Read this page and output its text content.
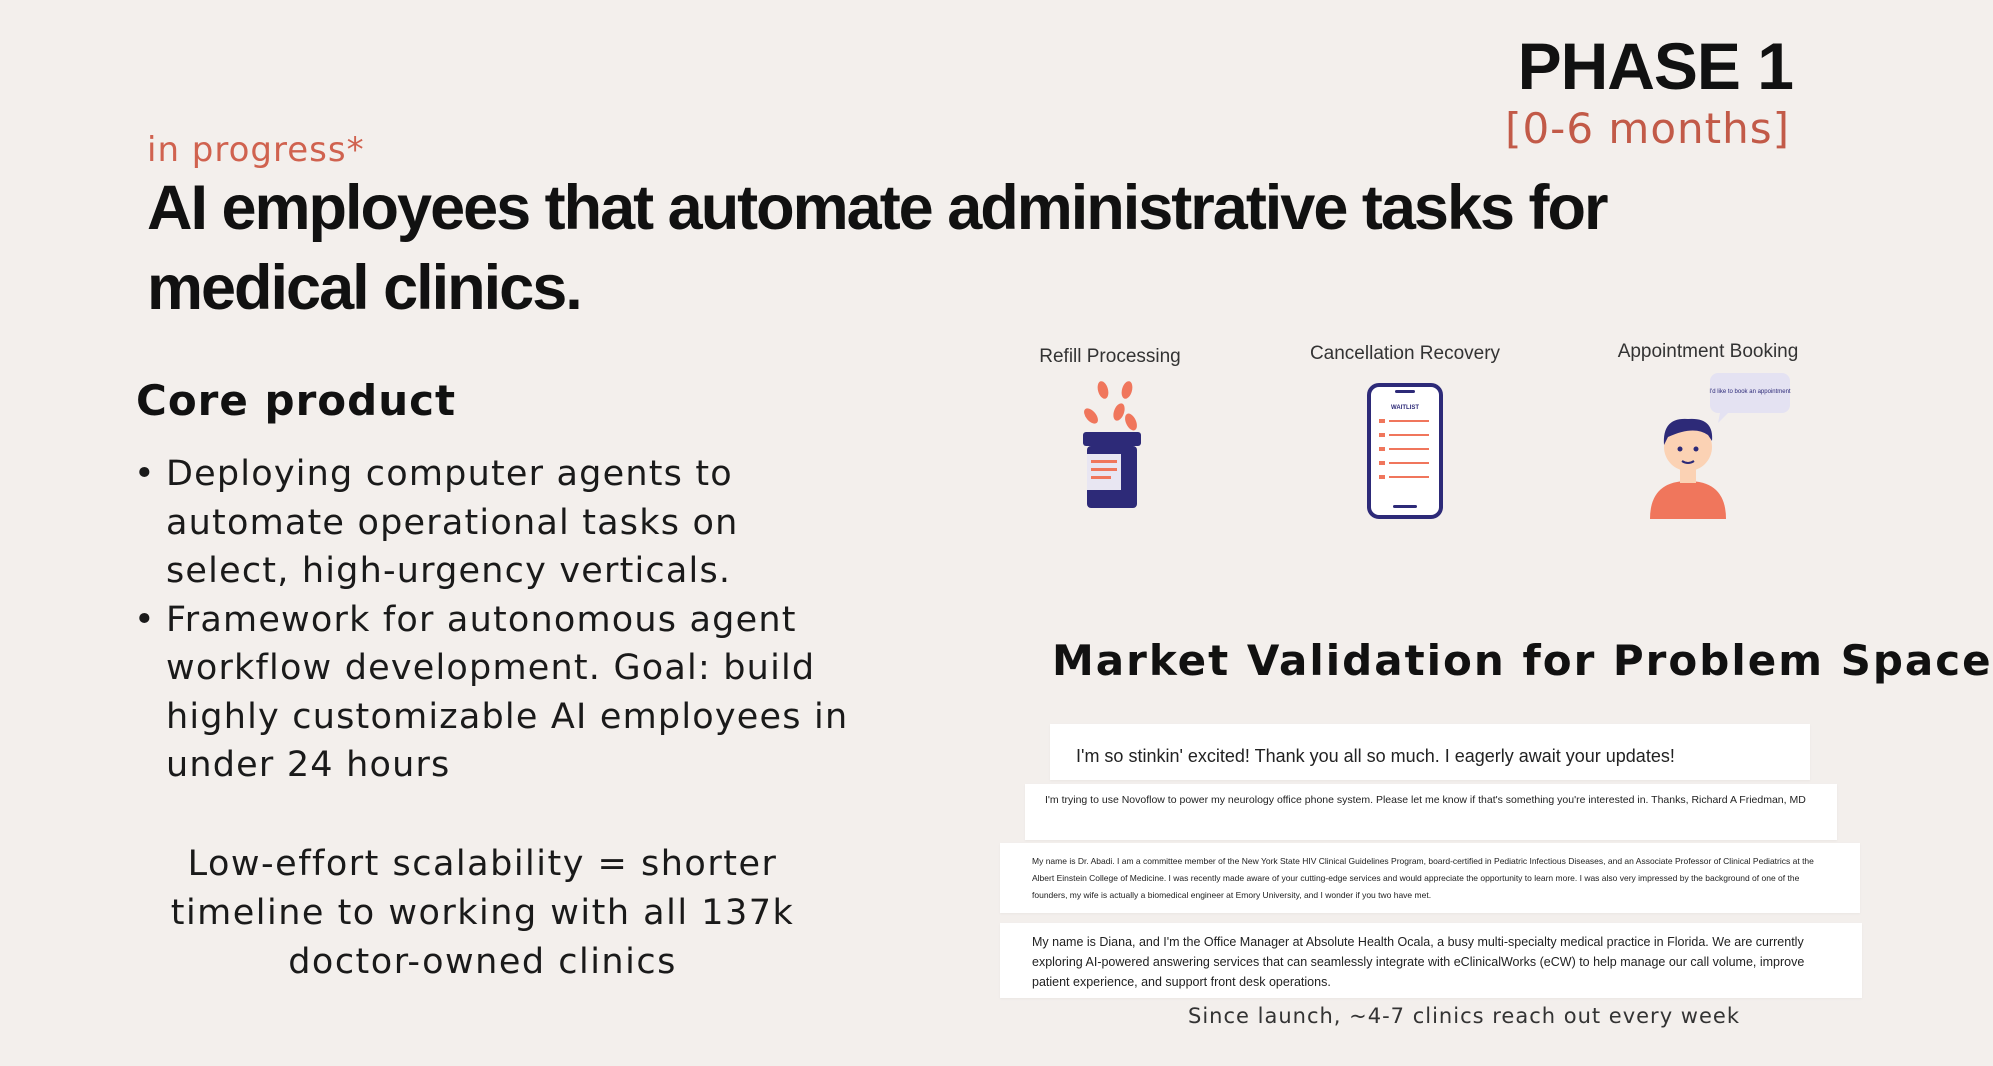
PHASE 1
[0-6 months]
in progress*
AI employees that automate administrative tasks for medical clinics.
Core product
• Deploying computer agents to automate operational tasks on select, high-urgency verticals.
• Framework for autonomous agent workflow development. Goal: build highly customizable AI employees in under 24 hours

Low-effort scalability = shorter timeline to working with all 137k doctor-owned clinics

Refill Processing	Cancellation Recovery
WAITLIST
Appointment Booking
I'd like to book an appointment
Market Validation for Problem Space
I'm so stinkin' excited! Thank you all so much. I eagerly await your updates!
I'm trying to use Novoflow to power my neurology office phone system. Please let me know if that's something you're interested in. Thanks, Richard A Friedman, MD
My name is Dr. Abadi. I am a committee member of the New York State HIV Clinical Guidelines Program, board-certified in Pediatric Infectious Diseases, and an Associate Professor of Clinical Pediatrics at the Albert Einstein College of Medicine. I was recently made aware of your cutting-edge services and would appreciate the opportunity to learn more. I was also very impressed by the background of one of the founders, my wife is actually a biomedical engineer at Emory University, and I wonder if you two have met.
My name is Diana, and I'm the Office Manager at Absolute Health Ocala, a busy multi-specialty medical practice in Florida. We are currently exploring AI-powered answering services that can seamlessly integrate with eClinicalWorks (eCW) to help manage our call volume, improve patient experience, and support front desk operations.
Since launch, ~4-7 clinics reach out every week
